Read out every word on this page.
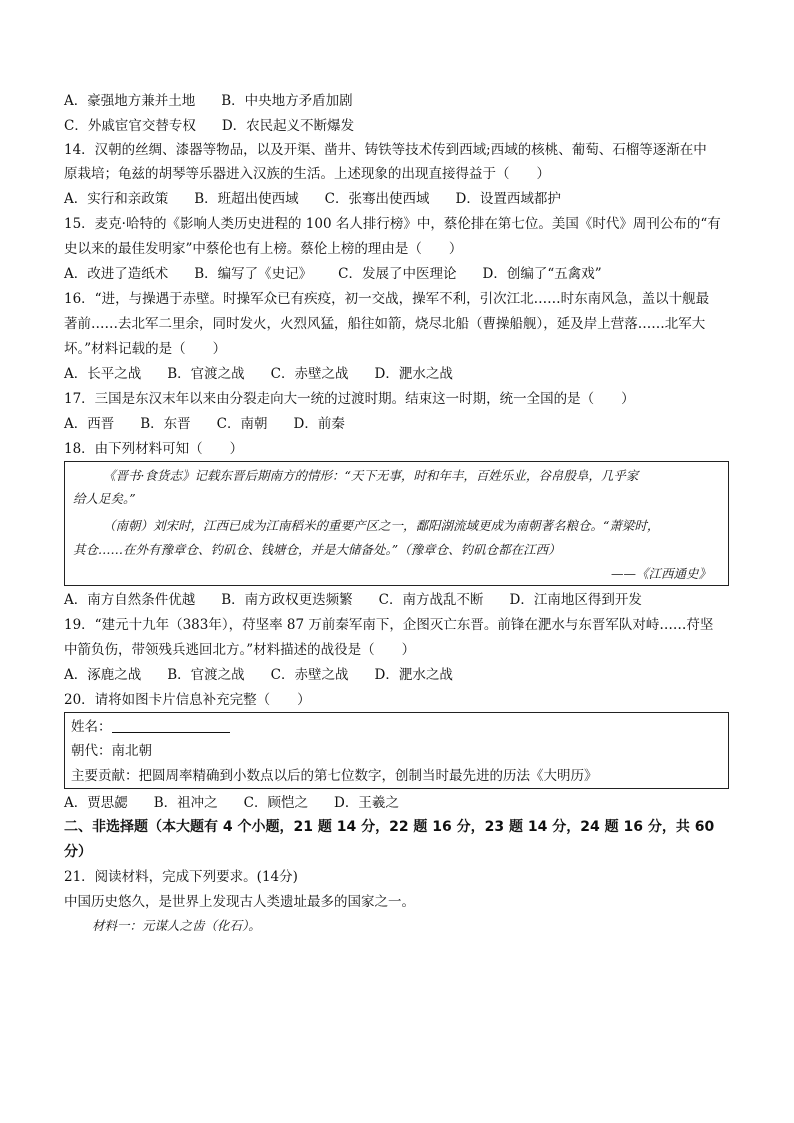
A．豪强地方兼并土地 B．中央地方矛盾加剧
C．外戚宦官交替专权 D．农民起义不断爆发
14．汉朝的丝绸、漆器等物品，以及开渠、凿井、铸铁等技术传到西域;西域的核桃、葡萄、石榴等逐渐在中
原栽培；龟兹的胡琴等乐器进入汉族的生活。上述现象的出现直接得益于（　　）
A．实行和亲政策 B．班超出使西域 C．张骞出使西域 D．设置西域都护
15．麦克·哈特的《影响人类历史进程的 100 名人排行榜》中，蔡伦排在第七位。美国《时代》周刊公布的“有
史以来的最佳发明家”中蔡伦也有上榜。蔡伦上榜的理由是（　　）
A．改进了造纸术 B．编写了《史记》 C．发展了中医理论 D．创编了“五禽戏”
16．“进，与操遇于赤壁。时操军众已有疾疫，初一交战，操军不利，引次江北……时东南风急，盖以十舰最
著前……去北军二里余，同时发火，火烈风猛，船往如箭，烧尽北船（曹操船舰），延及岸上营落……北军大
坏。”材料记载的是（　　）
A．长平之战 B．官渡之战 C．赤壁之战 D．淝水之战
17．三国是东汉末年以来由分裂走向大一统的过渡时期。结束这一时期，统一全国的是（　　）
A．西晋 B．东晋 C．南朝 D．前秦
18．由下列材料可知（　　）
《晋书·食货志》记载东晋后期南方的情形：“天下无事，时和年丰，百姓乐业，谷帛殷阜，几乎家
给人足矣。”
（南朝）刘宋时，江西已成为江南稻米的重要产区之一，鄱阳湖流域更成为南朝著名粮仓。“萧梁时，
其仓……在外有豫章仓、钓矶仓、钱塘仓，并是大储备处。”（豫章仓、钓矶仓都在江西）
——《江西通史》
A．南方自然条件优越 B．南方政权更迭频繁 C．南方战乱不断 D．江南地区得到开发
19．“建元十九年（383年），苻坚率 87 万前秦军南下，企图灭亡东晋。前锋在淝水与东晋军队对峙……苻坚
中箭负伤，带领残兵逃回北方。”材料描述的战役是（　　）
A．涿鹿之战 B．官渡之战 C．赤壁之战 D．淝水之战
20．请将如图卡片信息补充完整（　　）
姓名：
朝代：南北朝
主要贡献：把圆周率精确到小数点以后的第七位数字，创制当时最先进的历法《大明历》
A．贾思勰 B．祖冲之 C．顾恺之 D．王羲之
二、非选择题（本大题有 4 个小题，21 题 14 分，22 题 16 分，23 题 14 分，24 题 16 分，共 60
分）
21．阅读材料，完成下列要求。(14分)
中国历史悠久，是世界上发现古人类遗址最多的国家之一。
材料一：元谋人之齿（化石）。
